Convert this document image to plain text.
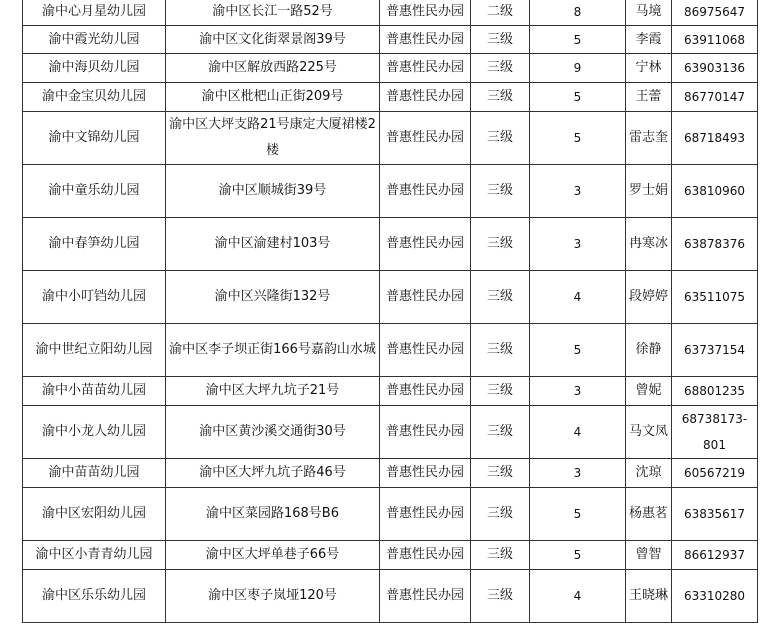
渝中心月星幼儿园	渝中区长江一路52号	普惠性民办园	二级	8	马境	86975647
渝中霞光幼儿园	渝中区文化街翠景阁39号	普惠性民办园	三级	5	李霞	63911068
渝中海贝幼儿园	渝中区解放西路225号	普惠性民办园	三级	9	宁林	63903136
渝中金宝贝幼儿园	渝中区枇杷山正街209号	普惠性民办园	三级	5	王蕾	86770147
渝中文锦幼儿园	渝中区大坪支路21号康定大厦裙楼2楼	普惠性民办园	三级	5	雷志奎	68718493
渝中童乐幼儿园	渝中区顺城街39号	普惠性民办园	三级	3	罗士娟	63810960
渝中春笋幼儿园	渝中区渝建村103号	普惠性民办园	三级	3	冉寒冰	63878376
渝中小叮铛幼儿园	渝中区兴隆街132号	普惠性民办园	三级	4	段婷婷	63511075
渝中世纪立阳幼儿园	渝中区李子坝正街166号嘉韵山水城	普惠性民办园	三级	5	徐静	63737154
渝中小苗苗幼儿园	渝中区大坪九坑子21号	普惠性民办园	三级	3	曾妮	68801235
渝中小龙人幼儿园	渝中区黄沙溪交通街30号	普惠性民办园	三级	4	马文凤	68738173-801
渝中苗苗幼儿园	渝中区大坪九坑子路46号	普惠性民办园	三级	3	沈琼	60567219
渝中区宏阳幼儿园	渝中区菜园路168号B6	普惠性民办园	三级	5	杨惠茗	63835617
渝中区小青青幼儿园	渝中区大坪单巷子66号	普惠性民办园	三级	5	曾智	86612937
渝中区乐乐幼儿园	渝中区枣子岚垭120号	普惠性民办园	三级	4	王晓琳	63310280
